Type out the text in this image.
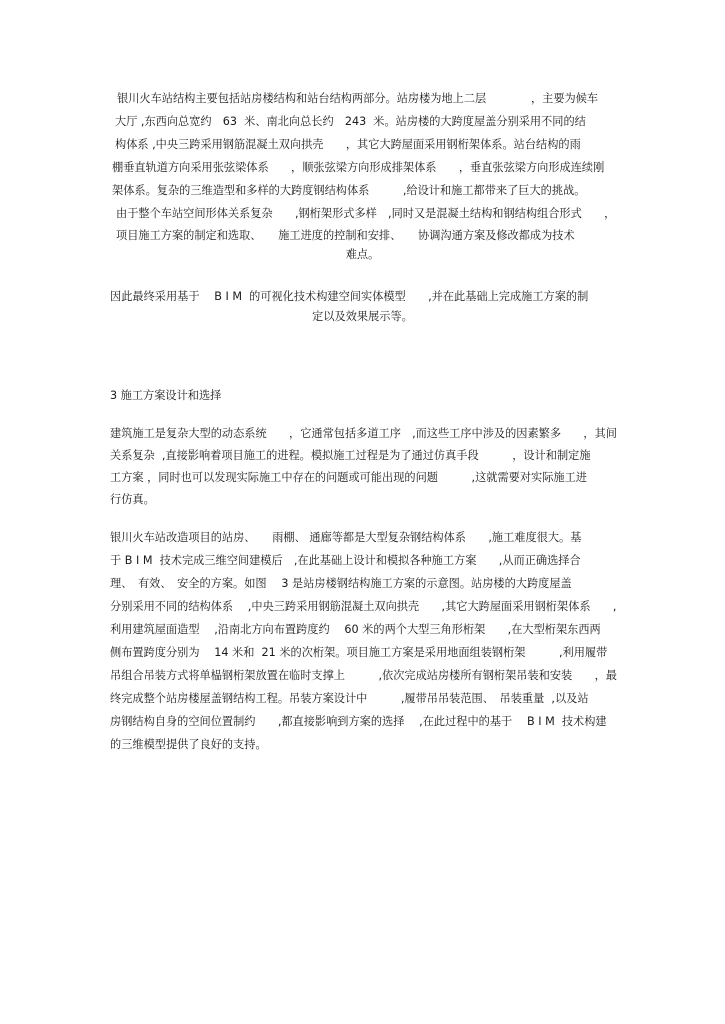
银川火车站结构主要包括站房楼结构和站台结构两部分。站房楼为地上二层　　　　，主要为候车
大厅 ,东西向总宽约　63  米、南北向总长约　243  米。站房楼的大跨度屋盖分别采用不同的结
构体系 ,中央三跨采用钢筋混凝土双向拱壳　　，其它大跨屋面采用钢桁架体系。站台结构的雨
棚垂直轨道方向采用张弦梁体系　　，顺张弦梁方向形成排架体系　　，垂直张弦梁方向形成连续刚
架体系。复杂的三维造型和多样的大跨度钢结构体系　　　,给设计和施工都带来了巨大的挑战。
由于整个车站空间形体关系复杂　　,钢桁架形式多样　,同时又是混凝土结构和钢结构组合形式　　，
项目施工方案的制定和选取、　　施工进度的控制和安排、　　协调沟通方案及修改都成为技术
难点。
因此最终采用基于　 B I M  的可视化技术构建空间实体模型　　,并在此基础上完成施工方案的制
定以及效果展示等。
3 施工方案设计和选择
建筑施工是复杂大型的动态系统　　，它通常包括多道工序　,而这些工序中涉及的因素繁多　　，其间
关系复杂  ,直接影响着项目施工的进程。模拟施工过程是为了通过仿真手段　　　，设计和制定施
工方案 ，同时也可以发现实际施工中存在的问题或可能出现的问题　　　,这就需要对实际施工进
行仿真。
银川火车站改造项目的站房、　　雨棚、 通廊等都是大型复杂钢结构体系　　,施工难度很大。基
于 B I M  技术完成三维空间建模后　,在此基础上设计和模拟各种施工方案　　,从而正确选择合
理、　有效、　安全的方案。如图　 3 是站房楼钢结构施工方案的示意图。站房楼的大跨度屋盖
分别采用不同的结构体系　 ,中央三跨采用钢筋混凝土双向拱壳　　,其它大跨屋面采用钢桁架体系　　,
利用建筑屋面造型　 ,沿南北方向布置跨度约　 60 米的两个大型三角形桁架　　,在大型桁架东西两
侧布置跨度分别为　 14 米和  21 米的次桁架。项目施工方案是采用地面组装钢桁架　　　,利用履带
吊组合吊装方式将单榀钢桁架放置在临时支撑上　　　,依次完成站房楼所有钢桁架吊装和安装　　，最
终完成整个站房楼屋盖钢结构工程。吊装方案设计中　　　,履带吊吊装范围、　吊装重量  ,以及站
房钢结构自身的空间位置制约　　,都直接影响到方案的选择　 ,在此过程中的基于　 B I M  技术构建
的三维模型提供了良好的支持。
